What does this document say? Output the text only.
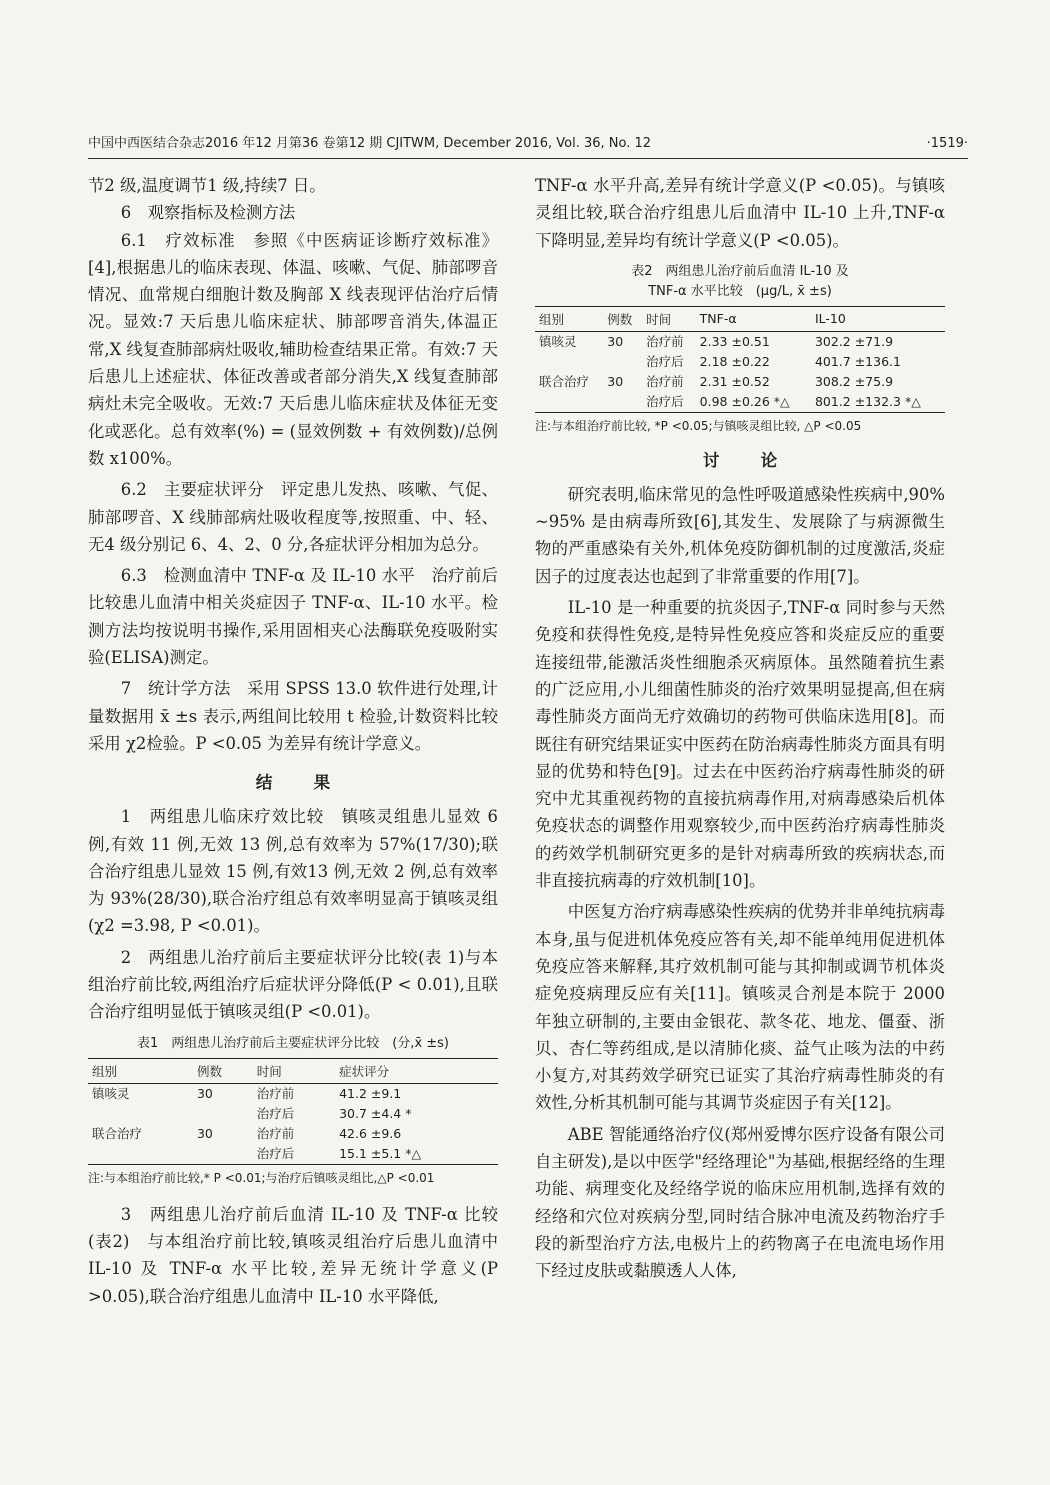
中国中西医结合杂志2016 年12 月第36 卷第12 期 CJITWM, December 2016, Vol. 36, No. 12	·1519·

节2 级,温度调节1 级,持续7 日。

6　观察指标及检测方法

6.1　疗效标准　参照《中医病证诊断疗效标准》[4],根据患儿的临床表现、体温、咳嗽、气促、肺部啰音情况、血常规白细胞计数及胸部 X 线表现评估治疗后情况。显效:7 天后患儿临床症状、肺部啰音消失,体温正常,X 线复查肺部病灶吸收,辅助检查结果正常。有效:7 天后患儿上述症状、体征改善或者部分消失,X 线复查肺部病灶未完全吸收。无效:7 天后患儿临床症状及体征无变化或恶化。总有效率(%) = (显效例数 + 有效例数)/总例数 x100%。

6.2　主要症状评分　评定患儿发热、咳嗽、气促、肺部啰音、X 线肺部病灶吸收程度等,按照重、中、轻、无4 级分别记 6、4、2、0 分,各症状评分相加为总分。

6.3　检测血清中 TNF-α 及 IL-10 水平　治疗前后比较患儿血清中相关炎症因子 TNF-α、IL-10 水平。检测方法均按说明书操作,采用固相夹心法酶联免疫吸附实验(ELISA)测定。

7　统计学方法　采用 SPSS 13.0 软件进行处理,计量数据用 x̄ ±s 表示,两组间比较用 t 检验,计数资料比较采用 χ2检验。P <0.05 为差异有统计学意义。

结果

1　两组患儿临床疗效比较　镇咳灵组患儿显效 6 例,有效 11 例,无效 13 例,总有效率为 57%(17/30);联合治疗组患儿显效 15 例,有效13 例,无效 2 例,总有效率为 93%(28/30),联合治疗组总有效率明显高于镇咳灵组(χ2 =3.98, P <0.01)。

2　两组患儿治疗前后主要症状评分比较(表 1)与本组治疗前比较,两组治疗后症状评分降低(P < 0.01),且联合治疗组明显低于镇咳灵组(P <0.01)。

表1　两组患儿治疗前后主要症状评分比较　(分,x̄ ±s)
组别	例数	时间	症状评分
镇咳灵	30	治疗前	41.2 ±9.1
		治疗后	30.7 ±4.4 *
联合治疗	30	治疗前	42.6 ±9.6
		治疗后	15.1 ±5.1 *△
注:与本组治疗前比较,* P <0.01;与治疗后镇咳灵组比,△P <0.01

3　两组患儿治疗前后血清 IL-10 及 TNF-α 比较(表2)　与本组治疗前比较,镇咳灵组治疗后患儿血清中 IL-10 及 TNF-α 水平比较,差异无统计学意义(P >0.05),联合治疗组患儿血清中 IL-10 水平降低,

TNF-α 水平升高,差异有统计学意义(P <0.05)。与镇咳灵组比较,联合治疗组患儿后血清中 IL-10 上升,TNF-α 下降明显,差异均有统计学意义(P <0.05)。

表2　两组患儿治疗前后血清 IL-10 及
TNF-α 水平比较　(μg/L, x̄ ±s)
组别	例数	时间	TNF-α	IL-10
镇咳灵	30	治疗前	2.33 ±0.51	302.2 ±71.9
		治疗后	2.18 ±0.22	401.7 ±136.1
联合治疗	30	治疗前	2.31 ±0.52	308.2 ±75.9
		治疗后	0.98 ±0.26 *△	801.2 ±132.3 *△
注:与本组治疗前比较, *P <0.05;与镇咳灵组比较, △P <0.05
讨论

研究表明,临床常见的急性呼吸道感染性疾病中,90% ~95% 是由病毒所致[6],其发生、发展除了与病源微生物的严重感染有关外,机体免疫防御机制的过度激活,炎症因子的过度表达也起到了非常重要的作用[7]。

IL-10 是一种重要的抗炎因子,TNF-α 同时参与天然免疫和获得性免疫,是特异性免疫应答和炎症反应的重要连接纽带,能激活炎性细胞杀灭病原体。虽然随着抗生素的广泛应用,小儿细菌性肺炎的治疗效果明显提高,但在病毒性肺炎方面尚无疗效确切的药物可供临床选用[8]。而既往有研究结果证实中医药在防治病毒性肺炎方面具有明显的优势和特色[9]。过去在中医药治疗病毒性肺炎的研究中尤其重视药物的直接抗病毒作用,对病毒感染后机体免疫状态的调整作用观察较少,而中医药治疗病毒性肺炎的药效学机制研究更多的是针对病毒所致的疾病状态,而非直接抗病毒的疗效机制[10]。

中医复方治疗病毒感染性疾病的优势并非单纯抗病毒本身,虽与促进机体免疫应答有关,却不能单纯用促进机体免疫应答来解释,其疗效机制可能与其抑制或调节机体炎症免疫病理反应有关[11]。镇咳灵合剂是本院于 2000 年独立研制的,主要由金银花、款冬花、地龙、僵蚕、浙贝、杏仁等药组成,是以清肺化痰、益气止咳为法的中药小复方,对其药效学研究已证实了其治疗病毒性肺炎的有效性,分析其机制可能与其调节炎症因子有关[12]。

ABE 智能通络治疗仪(郑州爱博尔医疗设备有限公司自主研发),是以中医学"经络理论"为基础,根据经络的生理功能、病理变化及经络学说的临床应用机制,选择有效的经络和穴位对疾病分型,同时结合脉冲电流及药物治疗手段的新型治疗方法,电极片上的药物离子在电流电场作用下经过皮肤或黏膜透人人体,
